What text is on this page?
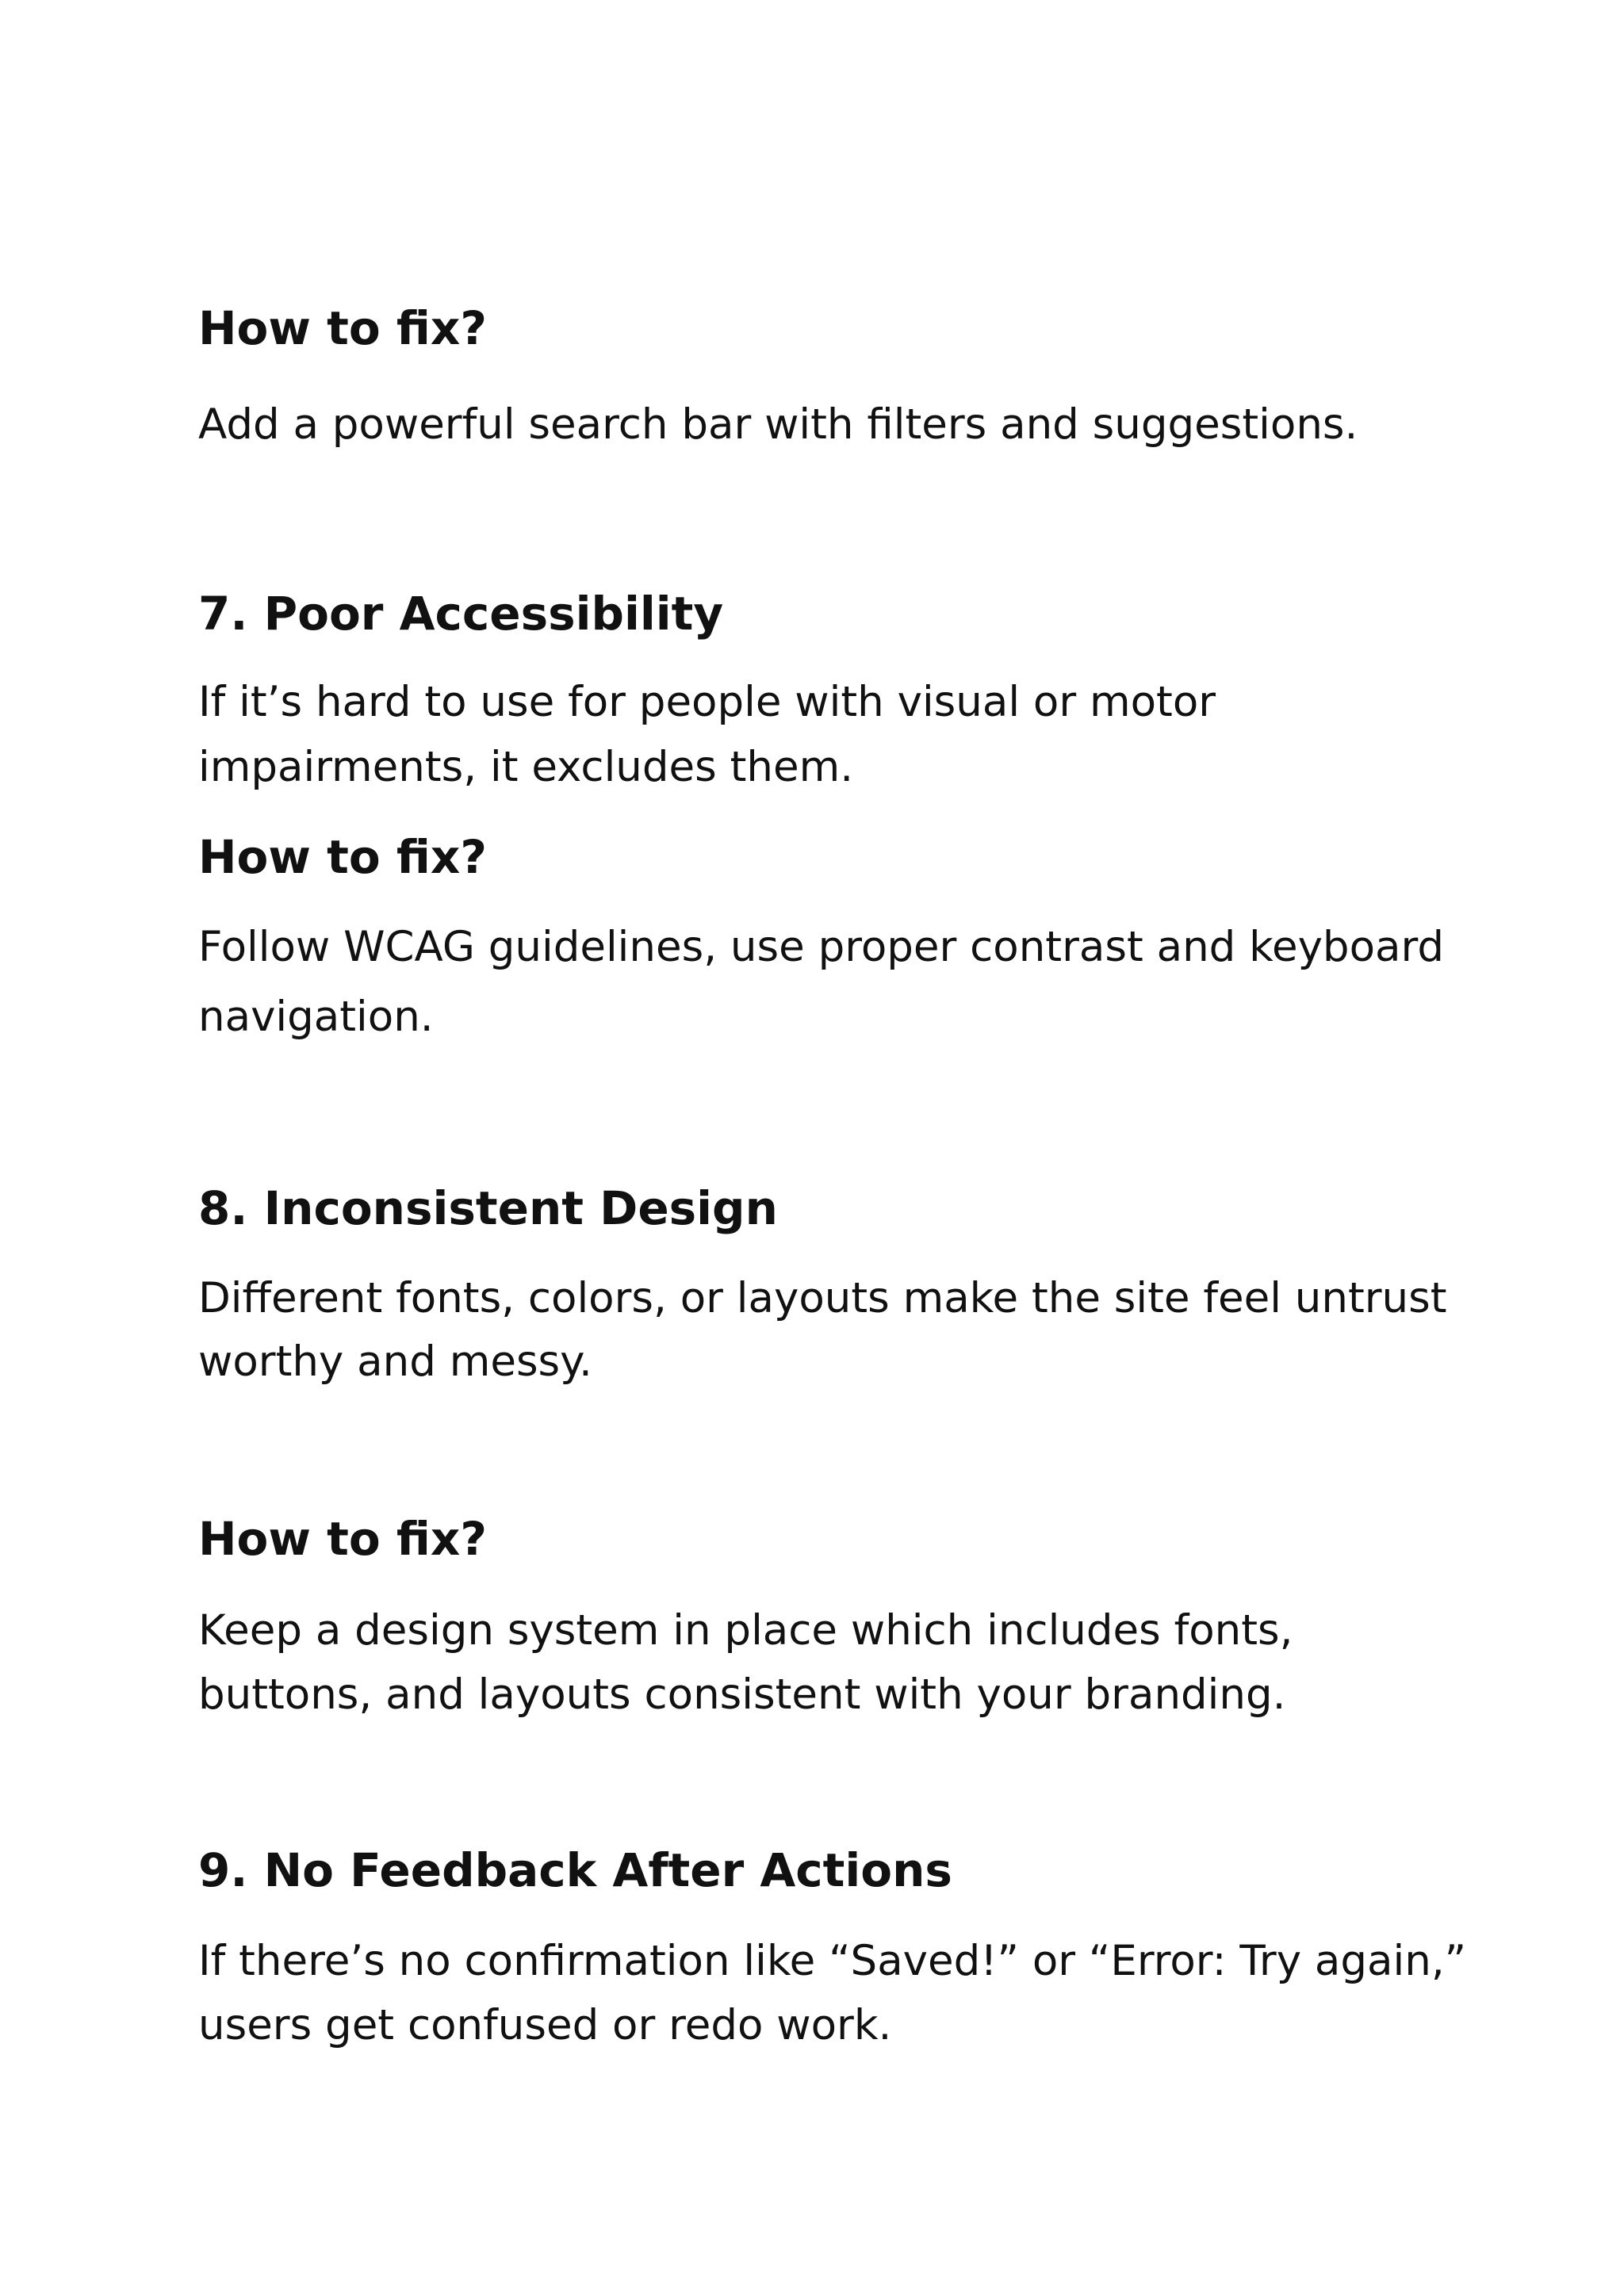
How to fix?

Add a powerful search bar with filters and suggestions.

7. Poor Accessibility

If it’s hard to use for people with visual or motor

impairments, it excludes them.

How to fix?

Follow WCAG guidelines, use proper contrast and keyboard

navigation.

8. Inconsistent Design

Different fonts, colors, or layouts make the site feel untrust

worthy and messy.

How to fix?

Keep a design system in place which includes fonts,

buttons, and layouts consistent with your branding.

9. No Feedback After Actions

If there’s no confirmation like “Saved!” or “Error: Try again,”

users get confused or redo work.
